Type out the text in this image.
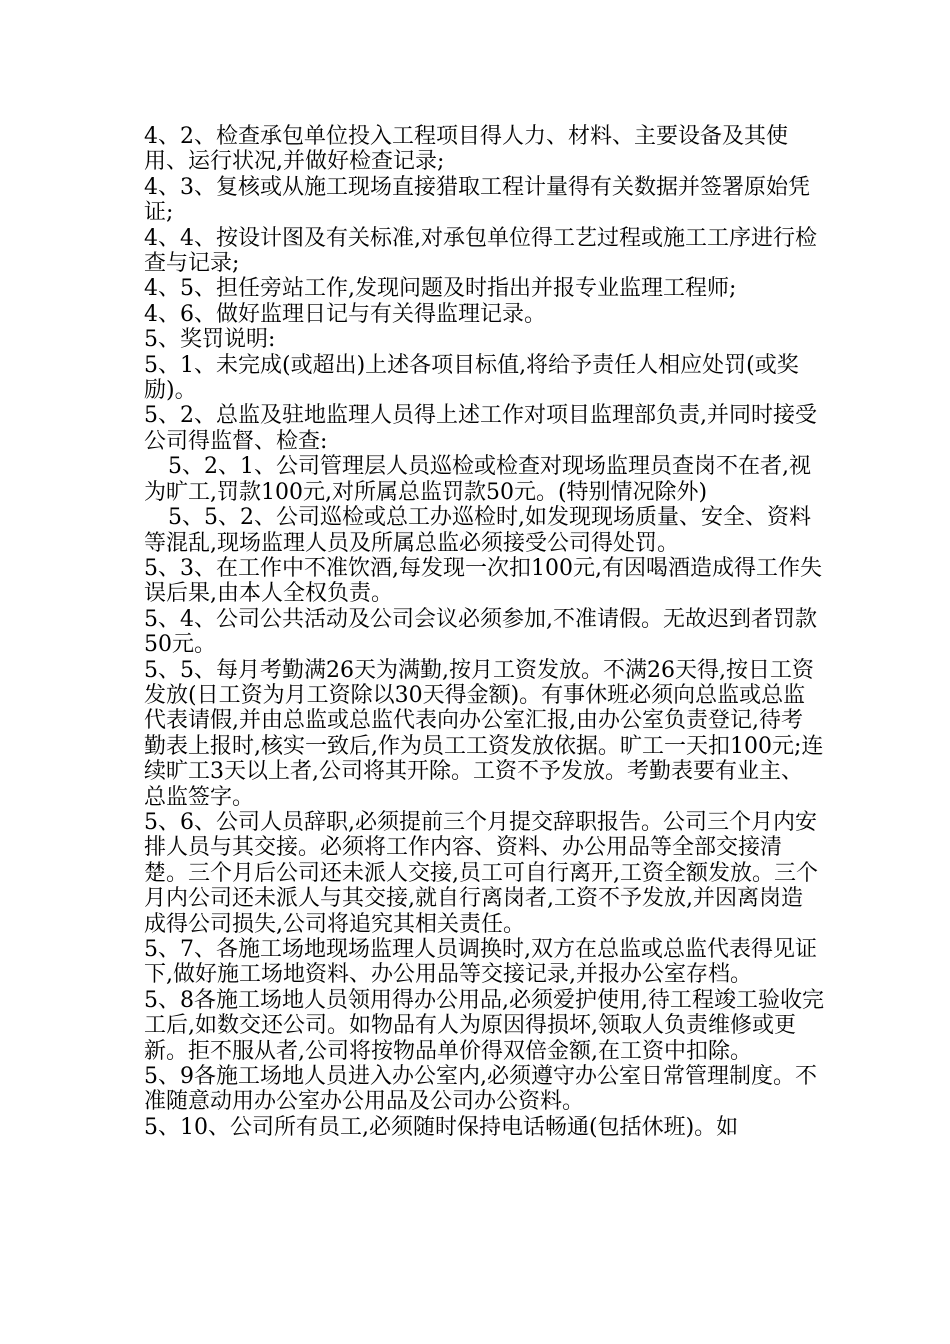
4、2、检查承包单位投入工程项目得人力、材料、主要设备及其使用、运行状况,并做好检查记录;

4、3、复核或从施工现场直接猎取工程计量得有关数据并签署原始凭证;

4、4、按设计图及有关标准,对承包单位得工艺过程或施工工序进行检查与记录;

4、5、担任旁站工作,发现问题及时指出并报专业监理工程师;

4、6、做好监理日记与有关得监理记录。

5、奖罚说明:

5、1、未完成(或超出)上述各项目标值,将给予责任人相应处罚(或奖励)。

5、2、总监及驻地监理人员得上述工作对项目监理部负责,并同时接受公司得监督、检查:

5、2、1、公司管理层人员巡检或检查对现场监理员查岗不在者,视为旷工,罚款100元,对所属总监罚款50元。(特别情况除外)

5、5、2、公司巡检或总工办巡检时,如发现现场质量、安全、资料等混乱,现场监理人员及所属总监必须接受公司得处罚。

5、3、在工作中不准饮酒,每发现一次扣100元,有因喝酒造成得工作失误后果,由本人全权负责。

5、4、公司公共活动及公司会议必须参加,不准请假。无故迟到者罚款50元。

5、5、每月考勤满26天为满勤,按月工资发放。不满26天得,按日工资发放(日工资为月工资除以30天得金额)。有事休班必须向总监或总监代表请假,并由总监或总监代表向办公室汇报,由办公室负责登记,待考勤表上报时,核实一致后,作为员工工资发放依据。旷工一天扣100元;连续旷工3天以上者,公司将其开除。工资不予发放。考勤表要有业主、总监签字。

5、6、公司人员辞职,必须提前三个月提交辞职报告。公司三个月内安排人员与其交接。必须将工作内容、资料、办公用品等全部交接清楚。三个月后公司还未派人交接,员工可自行离开,工资全额发放。三个月内公司还未派人与其交接,就自行离岗者,工资不予发放,并因离岗造成得公司损失,公司将追究其相关责任。

5、7、各施工场地现场监理人员调换时,双方在总监或总监代表得见证下,做好施工场地资料、办公用品等交接记录,并报办公室存档。

5、8各施工场地人员领用得办公用品,必须爱护使用,待工程竣工验收完工后,如数交还公司。如物品有人为原因得损坏,领取人负责维修或更新。拒不服从者,公司将按物品单价得双倍金额,在工资中扣除。

5、9各施工场地人员进入办公室内,必须遵守办公室日常管理制度。不准随意动用办公室办公用品及公司办公资料。

5、10、公司所有员工,必须随时保持电话畅通(包括休班)。如
